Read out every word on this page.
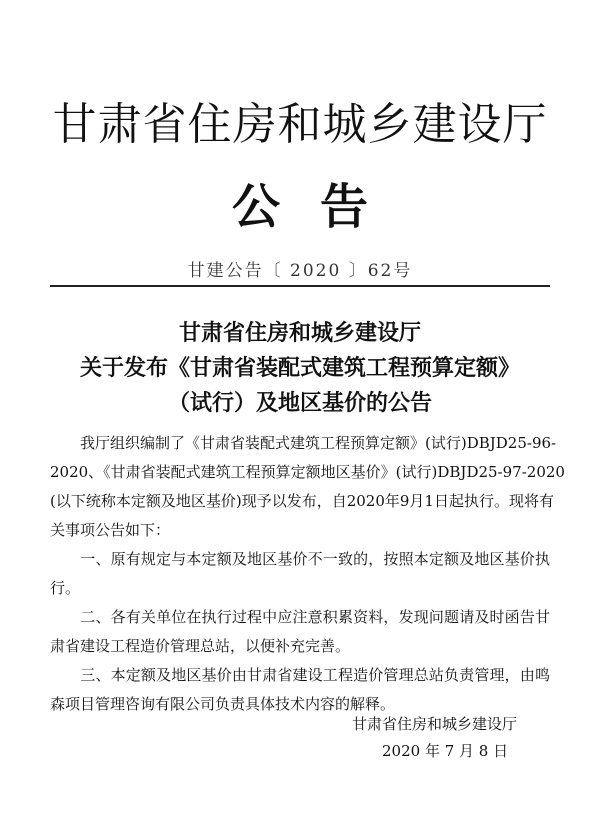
甘肃省住房和城乡建设厅
公告
甘建公告〔 2020 〕62号
甘肃省住房和城乡建设厅
关于发布《甘肃省装配式建筑工程预算定额》
（试行）及地区基价的公告
　　我厅组织编制了《甘肃省装配式建筑工程预算定额》(试行)DBJD25-96-
2020、《甘肃省装配式建筑工程预算定额地区基价》(试行)DBJD25-97-2020
(以下统称本定额及地区基价)现予以发布，自2020年9月1日起执行。现将有
关事项公告如下：
　　一、原有规定与本定额及地区基价不一致的，按照本定额及地区基价执
行。
　　二、各有关单位在执行过程中应注意积累资料，发现问题请及时函告甘
肃省建设工程造价管理总站，以便补充完善。
　　三、本定额及地区基价由甘肃省建设工程造价管理总站负责管理，由鸣
森项目管理咨询有限公司负责具体技术内容的解释。
甘肃省住房和城乡建设厅
2020 年 7 月 8 日
